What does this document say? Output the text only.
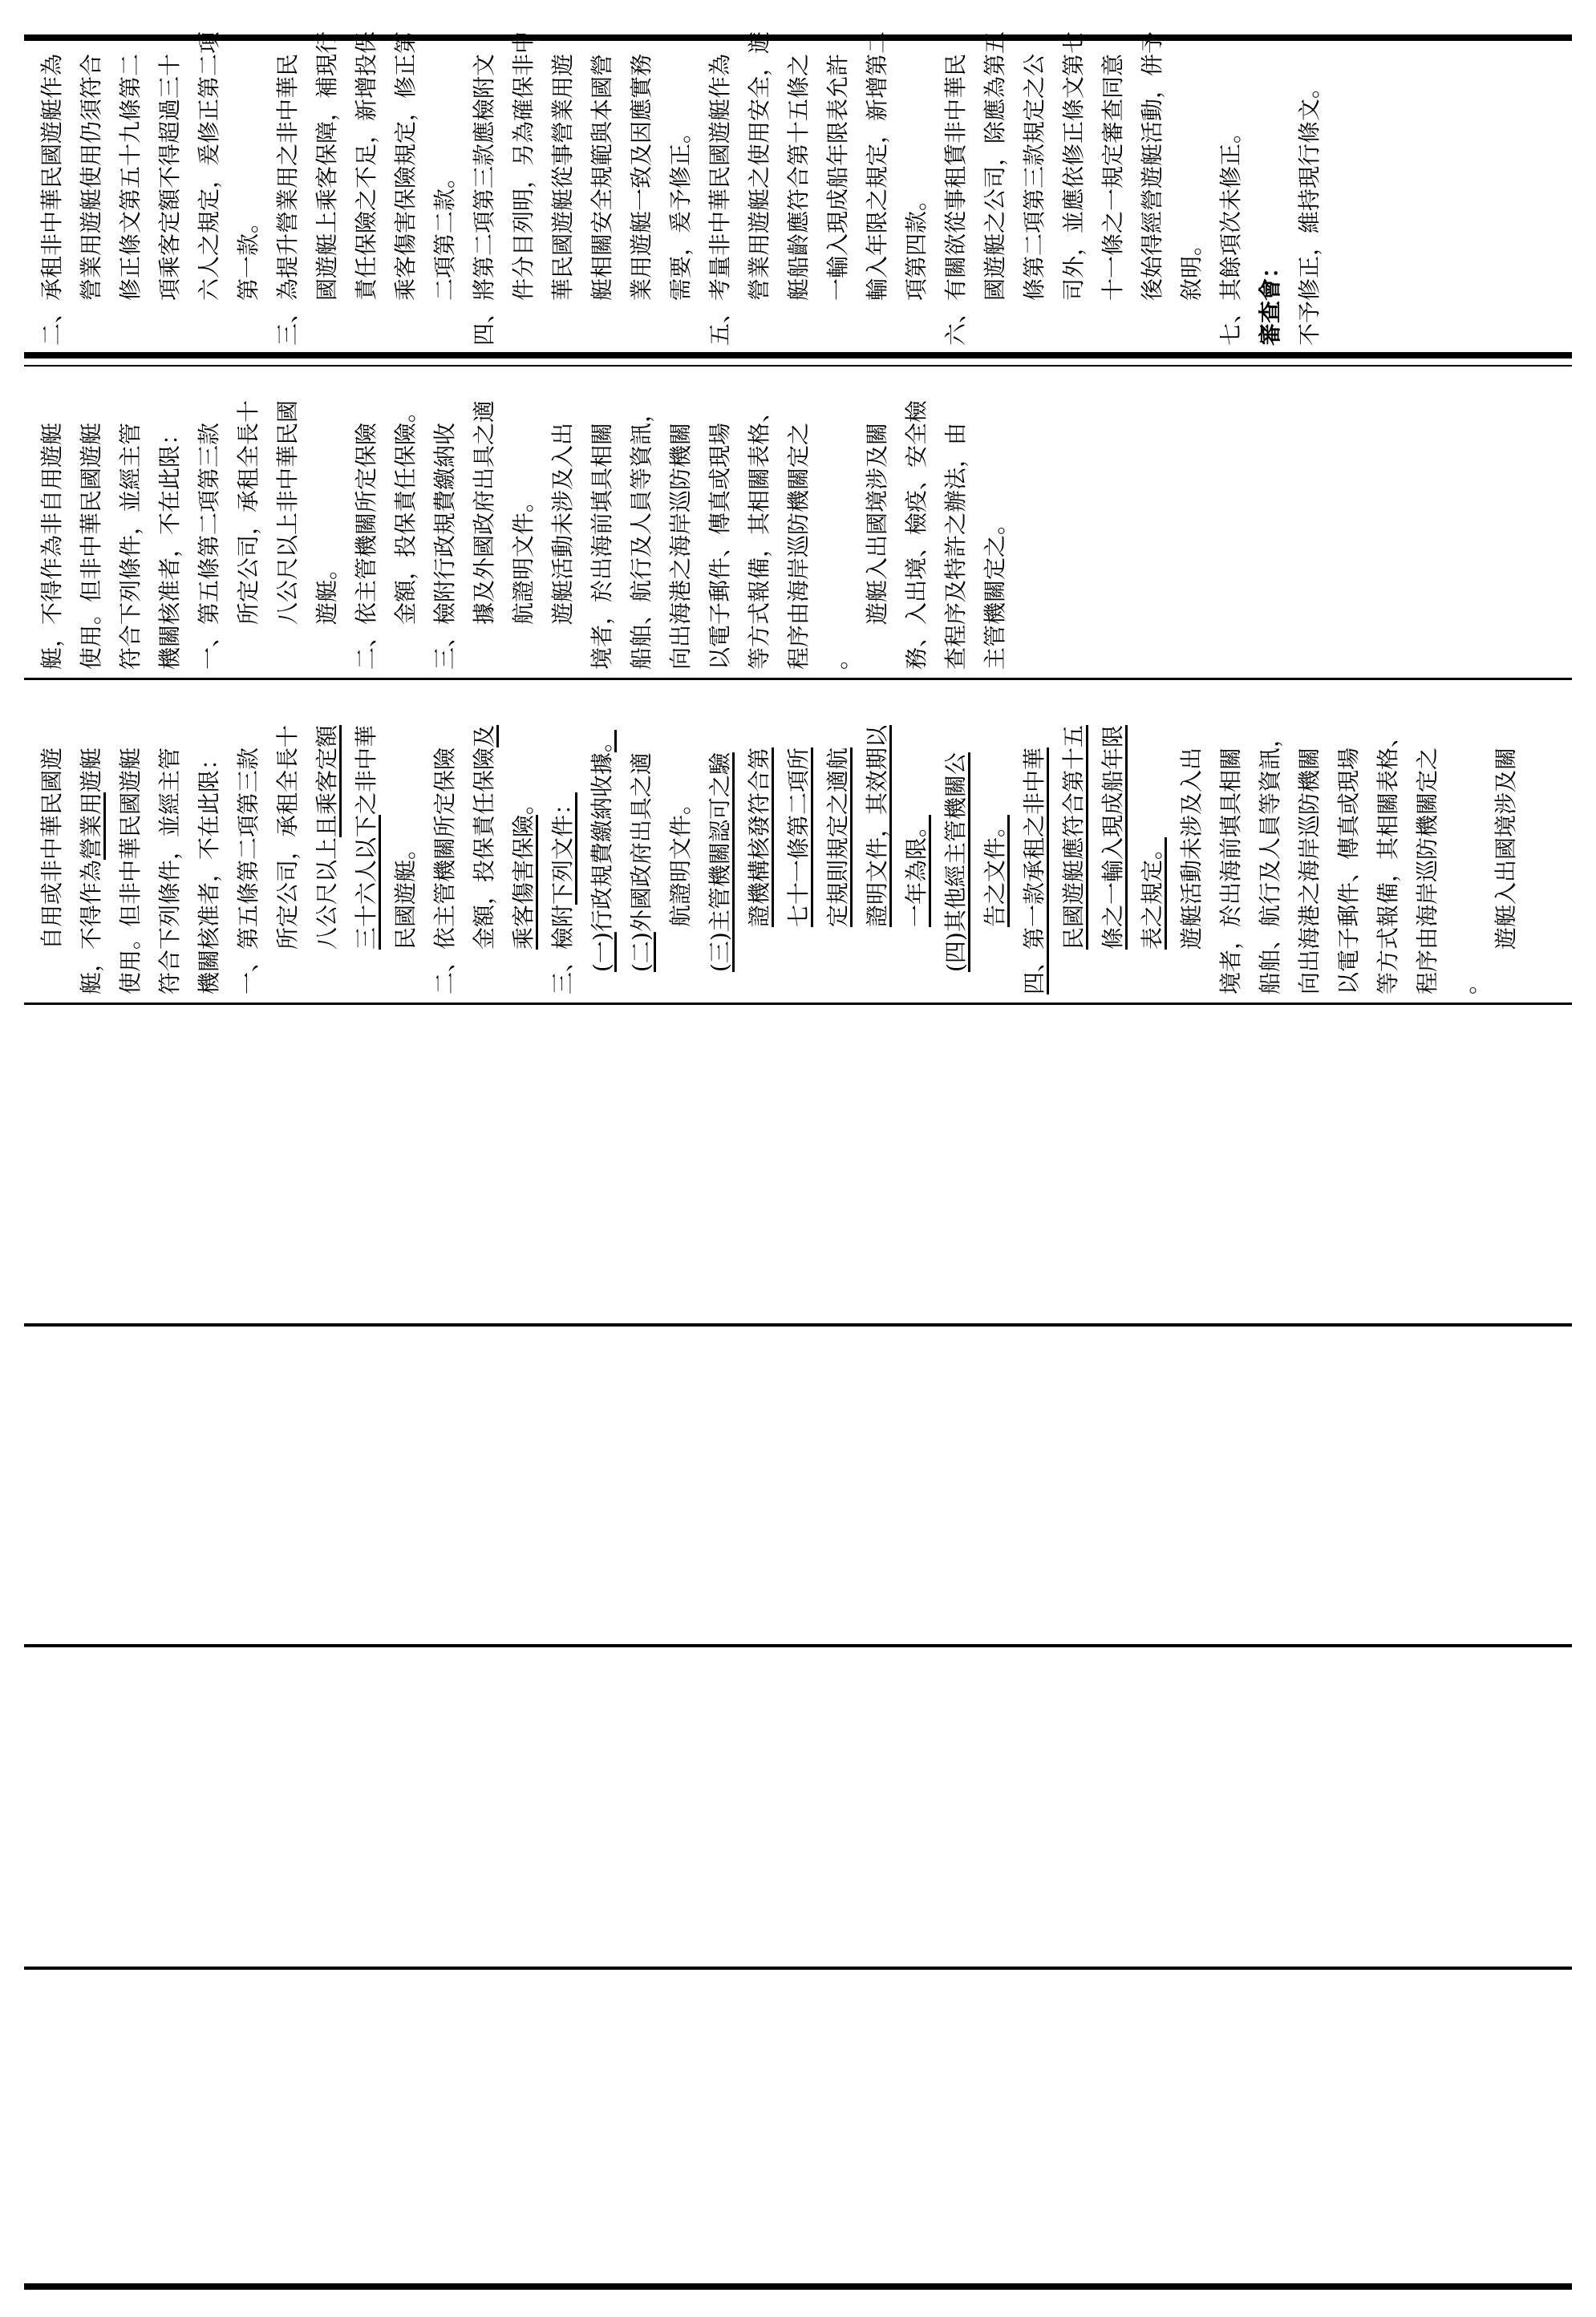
自用或非中華民國遊 艇，不得作為營業用遊艇 使用。但非中華民國遊艇 符合下列條件，並經主管 機關核准者，不在此限： 一、第五條第二項第三款 所定公司，承租全長十 八公尺以上且乘客定額
三十六人以下之非中華
民國遊艇。 二、依主管機關所定保險 金額，投保責任保險及
乘客傷害保險。
三、檢附下列文件：
(一)行政規費繳納收據。
(二)外國政府出具之適 航證明文件。 (三)主管機關認可之驗 證機構核發符合第 七十一條第二項所 定規則規定之適航 證明文件，其效期以 一年為限。 (四)其他經主管機關公 告之文件。 四、第一款承租之非中華 民國遊艇應符合第十五 條之一輸入現成船年限 表之規定。 遊艇活動未涉及入出 境者，於出海前填具相關 船舶、航行及人員等資訊， 向出海港之海岸巡防機關 以電子郵件、傳真或現場 等方式報備，其相關表格、 程序由海岸巡防機關定之 。
遊艇入出國境涉及關
艇，不得作為非自用遊艇 使用。但非中華民國遊艇 符合下列條件，並經主管 機關核准者，不在此限： 一、第五條第二項第三款 所定公司，承租全長十 八公尺以上非中華民國 遊艇。 二、依主管機關所定保險 金額，投保責任保險。 三、檢附行政規費繳納收 據及外國政府出具之適 航證明文件。 遊艇活動未涉及入出 境者，於出海前填具相關 船舶、航行及人員等資訊， 向出海港之海岸巡防機關 以電子郵件、傳真或現場 等方式報備，其相關表格、 程序由海岸巡防機關定之 。
遊艇入出國境涉及關 務、入出境、檢疫、安全檢 查程序及特許之辦法，由 主管機關定之。
二、承租非中華民國遊艇作為 營業用遊艇使用仍須符合 修正條文第五十九條第二 項乘客定額不得超過三十 六人之規定，爰修正第二項 第一款。 三、為提升營業用之非中華民 國遊艇上乘客保障，補現行 責任保險之不足，新增投保 乘客傷害保險規定，修正第 二項第二款。 四、將第二項第三款應檢附文 件分目列明，另為確保非中 華民國遊艇從事營業用遊 艇相關安全規範與本國營 業用遊艇一致及因應實務 需要，爰予修正。 五、考量非中華民國遊艇作為 營業用遊艇之使用安全，遊 艇船齡應符合第十五條之 一輸入現成船年限表允許 輸入年限之規定，新增第二 項第四款。 六、有關欲從事租賃非中華民 國遊艇之公司，除應為第五 條第二項第三款規定之公 司外，並應依修正條文第七 十一條之一規定審查同意 後始得經營遊艇活動，併予 敘明。 七、其餘項次未修正。 審查會： 不予修正，維持現行條文。
